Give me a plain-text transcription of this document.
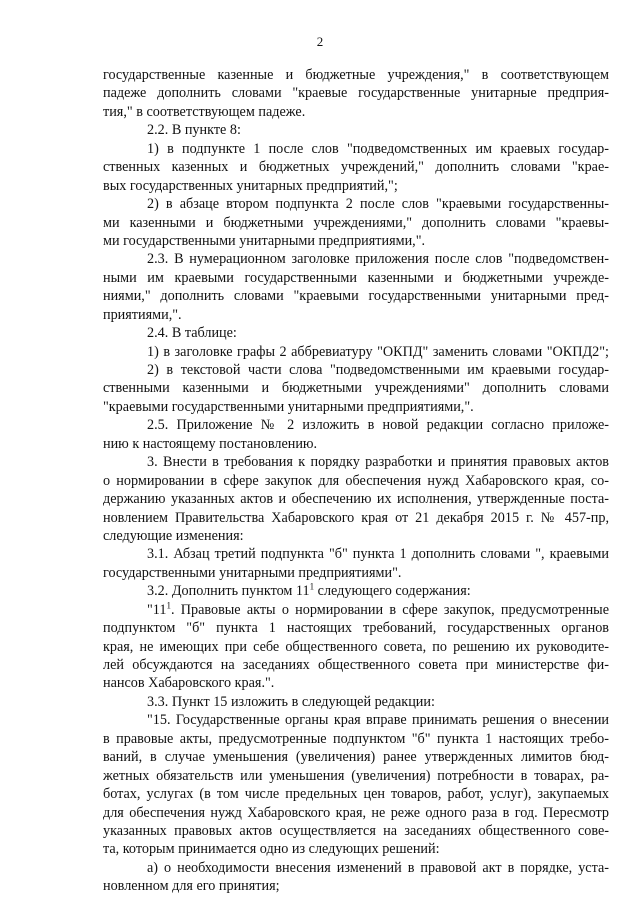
2
государственные казенные и бюджетные учреждения," в соответствующем
падеже дополнить словами "краевые государственные унитарные предприя-
тия," в соответствующем падеже.
2.2. В пункте 8:
1) в подпункте 1 после слов "подведомственных им краевых государ-
ственных казенных и бюджетных учреждений," дополнить словами "крае-
вых государственных унитарных предприятий,";
2) в абзаце втором подпункта 2 после слов "краевыми государственны-
ми казенными и бюджетными учреждениями," дополнить словами "краевы-
ми государственными унитарными предприятиями,".
2.3. В нумерационном заголовке приложения после слов "подведомствен-
ными им краевыми государственными казенными и бюджетными учрежде-
ниями," дополнить словами "краевыми государственными унитарными пред-
приятиями,".
2.4. В таблице:
1) в заголовке графы 2 аббревиатуру "ОКПД" заменить словами "ОКПД2";
2) в текстовой части слова "подведомственными им краевыми государ-
ственными казенными и бюджетными учреждениями" дополнить словами
"краевыми государственными унитарными предприятиями,".
2.5. Приложение № 2 изложить в новой редакции согласно приложе-
нию к настоящему постановлению.
3. Внести в требования к порядку разработки и принятия правовых актов
о нормировании в сфере закупок для обеспечения нужд Хабаровского края, со-
держанию указанных актов и обеспечению их исполнения, утвержденные поста-
новлением Правительства Хабаровского края от 21 декабря 2015 г. № 457-пр,
следующие изменения:
3.1. Абзац третий подпункта "б" пункта 1 дополнить словами ", краевыми
государственными унитарными предприятиями".
3.2. Дополнить пунктом $11^1$ следующего содержания:
"$11^1$. Правовые акты о нормировании в сфере закупок, предусмотренные
подпунктом "б" пункта 1 настоящих требований, государственных органов
края, не имеющих при себе общественного совета, по решению их руководите-
лей обсуждаются на заседаниях общественного совета при министерстве фи-
нансов Хабаровского края.".
3.3. Пункт 15 изложить в следующей редакции:
"15. Государственные органы края вправе принимать решения о внесении
в правовые акты, предусмотренные подпунктом "б" пункта 1 настоящих требо-
ваний, в случае уменьшения (увеличения) ранее утвержденных лимитов бюд-
жетных обязательств или уменьшения (увеличения) потребности в товарах, ра-
ботах, услугах (в том числе предельных цен товаров, работ, услуг), закупаемых
для обеспечения нужд Хабаровского края, не реже одного раза в год. Пересмотр
указанных правовых актов осуществляется на заседаниях общественного сове-
та, которым принимается одно из следующих решений:
а) о необходимости внесения изменений в правовой акт в порядке, уста-
новленном для его принятия;
